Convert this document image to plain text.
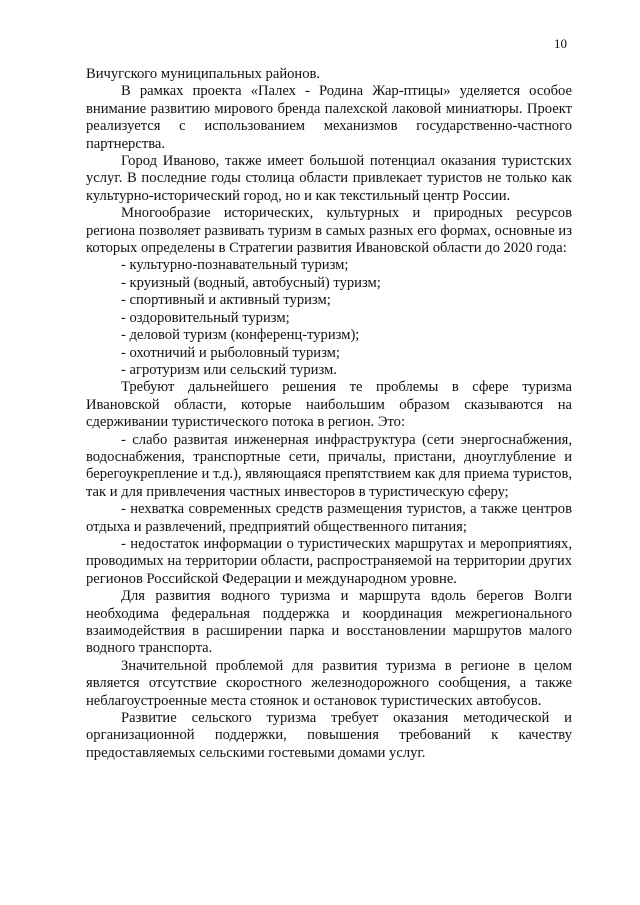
10

Вичугского муниципальных районов.

В рамках проекта «Палех - Родина Жар-птицы» уделяется особое внимание развитию мирового бренда палехской лаковой миниатюры. Проект реализуется с использованием механизмов государственно-частного партнерства.

Город Иваново, также имеет большой потенциал оказания туристских услуг. В последние годы столица области привлекает туристов не только как культурно-исторический город, но и как текстильный центр России.

Многообразие исторических, культурных и природных ресурсов региона позволяет развивать туризм в самых разных его формах, основные из которых определены в Стратегии развития Ивановской области до 2020 года:

- культурно-познавательный туризм;

- круизный (водный, автобусный) туризм;

- спортивный и активный туризм;

- оздоровительный туризм;

- деловой туризм (конференц-туризм);

- охотничий и рыболовный туризм;

- агротуризм или сельский туризм.

Требуют дальнейшего решения те проблемы в сфере туризма Ивановской области, которые наибольшим образом сказываются на сдерживании туристического потока в регион. Это:

- слабо развитая инженерная инфраструктура (сети энергоснабжения, водоснабжения, транспортные сети, причалы, пристани, дноуглубление и берегоукрепление и т.д.), являющаяся препятствием как для приема туристов, так и для привлечения частных инвесторов в туристическую сферу;

- нехватка современных средств размещения туристов, а также центров отдыха и развлечений, предприятий общественного питания;

- недостаток информации о туристических маршрутах и мероприятиях, проводимых на территории области, распространяемой на территории других регионов Российской Федерации и международном уровне.

Для развития водного туризма и маршрута вдоль берегов Волги необходима федеральная поддержка и координация межрегионального взаимодействия в расширении парка и восстановлении маршрутов малого водного транспорта.

Значительной проблемой для развития туризма в регионе в целом является отсутствие скоростного железнодорожного сообщения, а также неблагоустроенные места стоянок и остановок туристических автобусов.

Развитие сельского туризма требует оказания методической и организационной поддержки, повышения требований к качеству предоставляемых сельскими гостевыми домами услуг.
